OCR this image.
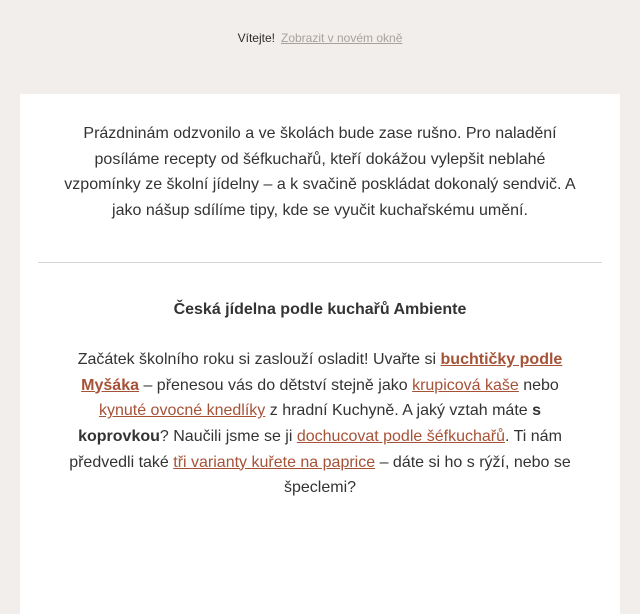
Vítejte! Zobrazit v novém okně

Prázdninám odzvonilo a ve školách bude zase rušno. Pro naladění posíláme recepty od šéfkuchařů, kteří dokážou vylepšit neblahé vzpomínky ze školní jídelny – a k svačině poskládat dokonalý sendvič. A jako nášup sdílíme tipy, kde se vyučit kuchařskému umění.

Česká jídelna podle kuchařů Ambiente

Začátek školního roku si zaslouží osladit! Uvařte si buchtičky podle Myšáka – přenesou vás do dětství stejně jako krupicová kaše nebo kynuté ovocné knedlíky z hradní Kuchyně. A jaký vztah máte s koprovkou? Naučili jsme se ji dochucovat podle šéfkuchařů. Ti nám předvedli také tři varianty kuřete na paprice – dáte si ho s rýží, nebo se špeclemi?
